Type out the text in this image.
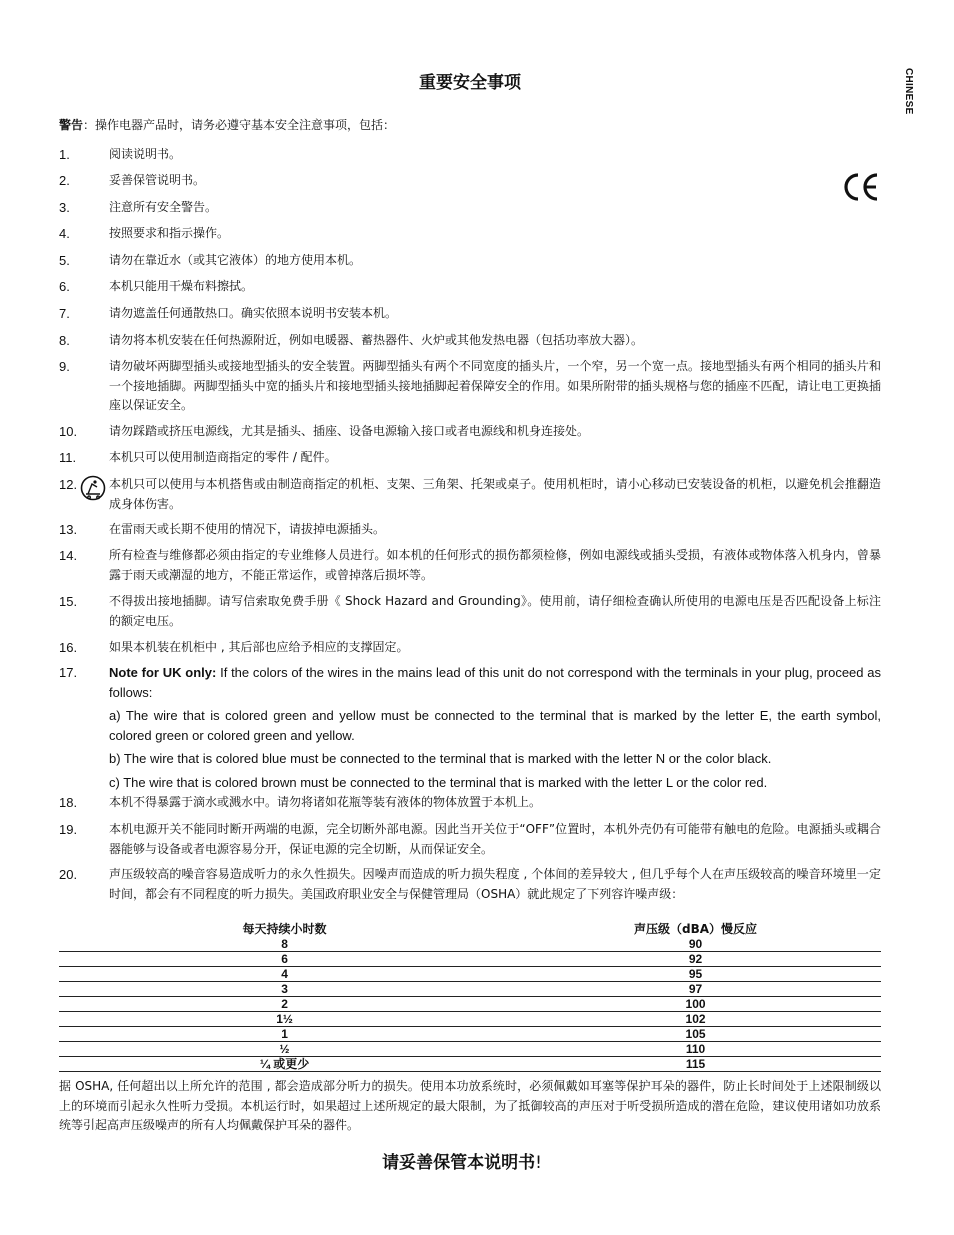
CHINESE
重要安全事项
警告：操作电器产品时，请务必遵守基本安全注意事项，包括：
1.	阅读说明书。
2.	妥善保管说明书。
3.	注意所有安全警告。
4.	按照要求和指示操作。
5.	请勿在靠近水（或其它液体）的地方使用本机。
6.	本机只能用干燥布料擦拭。
7.	请勿遮盖任何通散热口。确实依照本说明书安装本机。
8.	请勿将本机安装在任何热源附近，例如电暖器、蓄热器件、火炉或其他发热电器（包括功率放大器）。
9.	请勿破坏两脚型插头或接地型插头的安全装置。两脚型插头有两个不同宽度的插头片，一个窄，另一个宽一点。接地型插头有两个相同的插头片和一个接地插脚。两脚型插头中宽的插头片和接地型插头接地插脚起着保障安全的作用。如果所附带的插头规格与您的插座不匹配，请让电工更换插座以保证安全。
10.	请勿踩踏或挤压电源线，尤其是插头、插座、设备电源输入接口或者电源线和机身连接处。
11.	本机只可以使用制造商指定的零件 / 配件。
12.	本机只可以使用与本机搭售或由制造商指定的机柜、支架、三角架、托架或桌子。使用机柜时，请小心移动已安装设备的机柜，以避免机会推翻造成身体伤害。
13.	在雷雨天或长期不使用的情况下，请拔掉电源插头。
14.	所有检查与维修都必须由指定的专业维修人员进行。如本机的任何形式的损伤都须检修，例如电源线或插头受损，有液体或物体落入机身内，曾暴露于雨天或潮湿的地方，不能正常运作，或曾掉落后损坏等。
15.	不得拔出接地插脚。请写信索取免费手册《 Shock Hazard and Grounding》。使用前，请仔细检查确认所使用的电源电压是否匹配设备上标注的额定电压。
16.	如果本机装在机柜中 , 其后部也应给予相应的支撑固定。
17.	Note for UK only: If the colors of the wires in the mains lead of this unit do not correspond with the terminals in your plug, proceed as follows:
a) The wire that is colored green and yellow must be connected to the terminal that is marked by the letter E, the earth symbol, colored green or colored green and yellow.
b) The wire that is colored blue must be connected to the terminal that is marked with the letter N or the color black.
c) The wire that is colored brown must be connected to the terminal that is marked with the letter L or the color red.
18.	本机不得暴露于滴水或溅水中。请勿将诸如花瓶等装有液体的物体放置于本机上。
19.	本机电源开关不能同时断开两端的电源，完全切断外部电源。因此当开关位于“OFF”位置时，本机外壳仍有可能带有触电的危险。电源插头或耦合器能够与设备或者电源容易分开，保证电源的完全切断，从而保证安全。
20.	声压级较高的噪音容易造成听力的永久性损失。因噪声而造成的听力损失程度 , 个体间的差异较大 , 但几乎每个人在声压级较高的噪音环境里一定时间，都会有不同程度的听力损失。美国政府职业安全与保健管理局（OSHA）就此规定了下列容许噪声级：
每天持续小时数	声压级（dBA）慢反应
8	90
6	92
4	95
3	97
2	100
1½	102
1	105
½	110
¼ 或更少	115
据 OSHA, 任何超出以上所允许的范围 , 都会造成部分听力的损失。使用本功放系统时，必须佩戴如耳塞等保护耳朵的器件，防止长时间处于上述限制级以上的环境而引起永久性听力受损。本机运行时，如果超过上述所规定的最大限制，为了抵御较高的声压对于听受损所造成的潜在危险，建议使用诸如功放系统等引起高声压级噪声的所有人均佩戴保护耳朵的器件。
请妥善保管本说明书!
